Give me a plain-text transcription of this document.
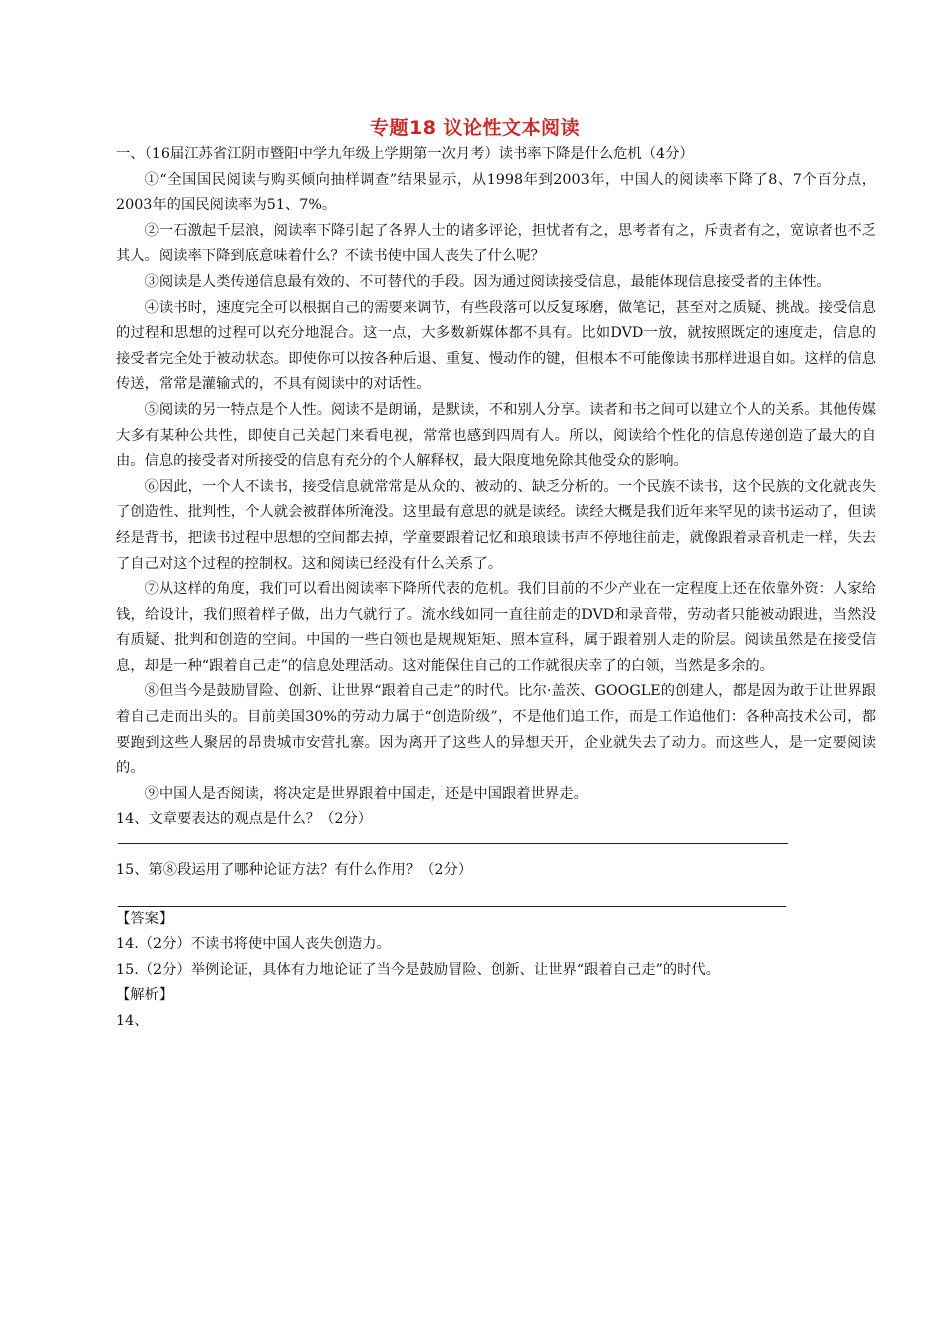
专题18 议论性文本阅读

一、（16届江苏省江阴市暨阳中学九年级上学期第一次月考）读书率下降是什么危机（4分）

①“全国国民阅读与购买倾向抽样调查”结果显示，从1998年到2003年，中国人的阅读率下降了8、7个百分点，2003年的国民阅读率为51、7%。

②一石激起千层浪，阅读率下降引起了各界人士的诸多评论，担忧者有之，思考者有之，斥责者有之，宽谅者也不乏其人。阅读率下降到底意味着什么？不读书使中国人丧失了什么呢？

③阅读是人类传递信息最有效的、不可替代的手段。因为通过阅读接受信息，最能体现信息接受者的主体性。

④读书时，速度完全可以根据自己的需要来调节，有些段落可以反复琢磨，做笔记，甚至对之质疑、挑战。接受信息的过程和思想的过程可以充分地混合。这一点，大多数新媒体都不具有。比如DVD一放，就按照既定的速度走，信息的接受者完全处于被动状态。即使你可以按各种后退、重复、慢动作的键，但根本不可能像读书那样进退自如。这样的信息传送，常常是灌输式的，不具有阅读中的对话性。

⑤阅读的另一特点是个人性。阅读不是朗诵，是默读，不和别人分享。读者和书之间可以建立个人的关系。其他传媒大多有某种公共性，即使自己关起门来看电视，常常也感到四周有人。所以，阅读给个性化的信息传递创造了最大的自由。信息的接受者对所接受的信息有充分的个人解释权，最大限度地免除其他受众的影响。

⑥因此，一个人不读书，接受信息就常常是从众的、被动的、缺乏分析的。一个民族不读书，这个民族的文化就丧失了创造性、批判性，个人就会被群体所淹没。这里最有意思的就是读经。读经大概是我们近年来罕见的读书运动了，但读经是背书，把读书过程中思想的空间都去掉，学童要跟着记忆和琅琅读书声不停地往前走，就像跟着录音机走一样，失去了自己对这个过程的控制权。这和阅读已经没有什么关系了。

⑦从这样的角度，我们可以看出阅读率下降所代表的危机。我们目前的不少产业在一定程度上还在依靠外资：人家给钱，给设计，我们照着样子做，出力气就行了。流水线如同一直往前走的DVD和录音带，劳动者只能被动跟进，当然没有质疑、批判和创造的空间。中国的一些白领也是规规矩矩、照本宣科，属于跟着别人走的阶层。阅读虽然是在接受信息，却是一种“跟着自己走”的信息处理活动。这对能保住自己的工作就很庆幸了的白领，当然是多余的。

⑧但当今是鼓励冒险、创新、让世界“跟着自己走”的时代。比尔·盖茨、GOOGLE的创建人，都是因为敢于让世界跟着自己走而出头的。目前美国30%的劳动力属于“创造阶级”，不是他们追工作，而是工作追他们：各种高技术公司，都要跑到这些人聚居的昂贵城市安营扎寨。因为离开了这些人的异想天开，企业就失去了动力。而这些人，是一定要阅读的。

⑨中国人是否阅读，将决定是世界跟着中国走，还是中国跟着世界走。

14、文章要表达的观点是什么？（2分）

15、第⑧段运用了哪种论证方法？有什么作用？（2分）

【答案】

14.（2分）不读书将使中国人丧失创造力。

15.（2分）举例论证，具体有力地论证了当今是鼓励冒险、创新、让世界“跟着自己走”的时代。

【解析】

14、
